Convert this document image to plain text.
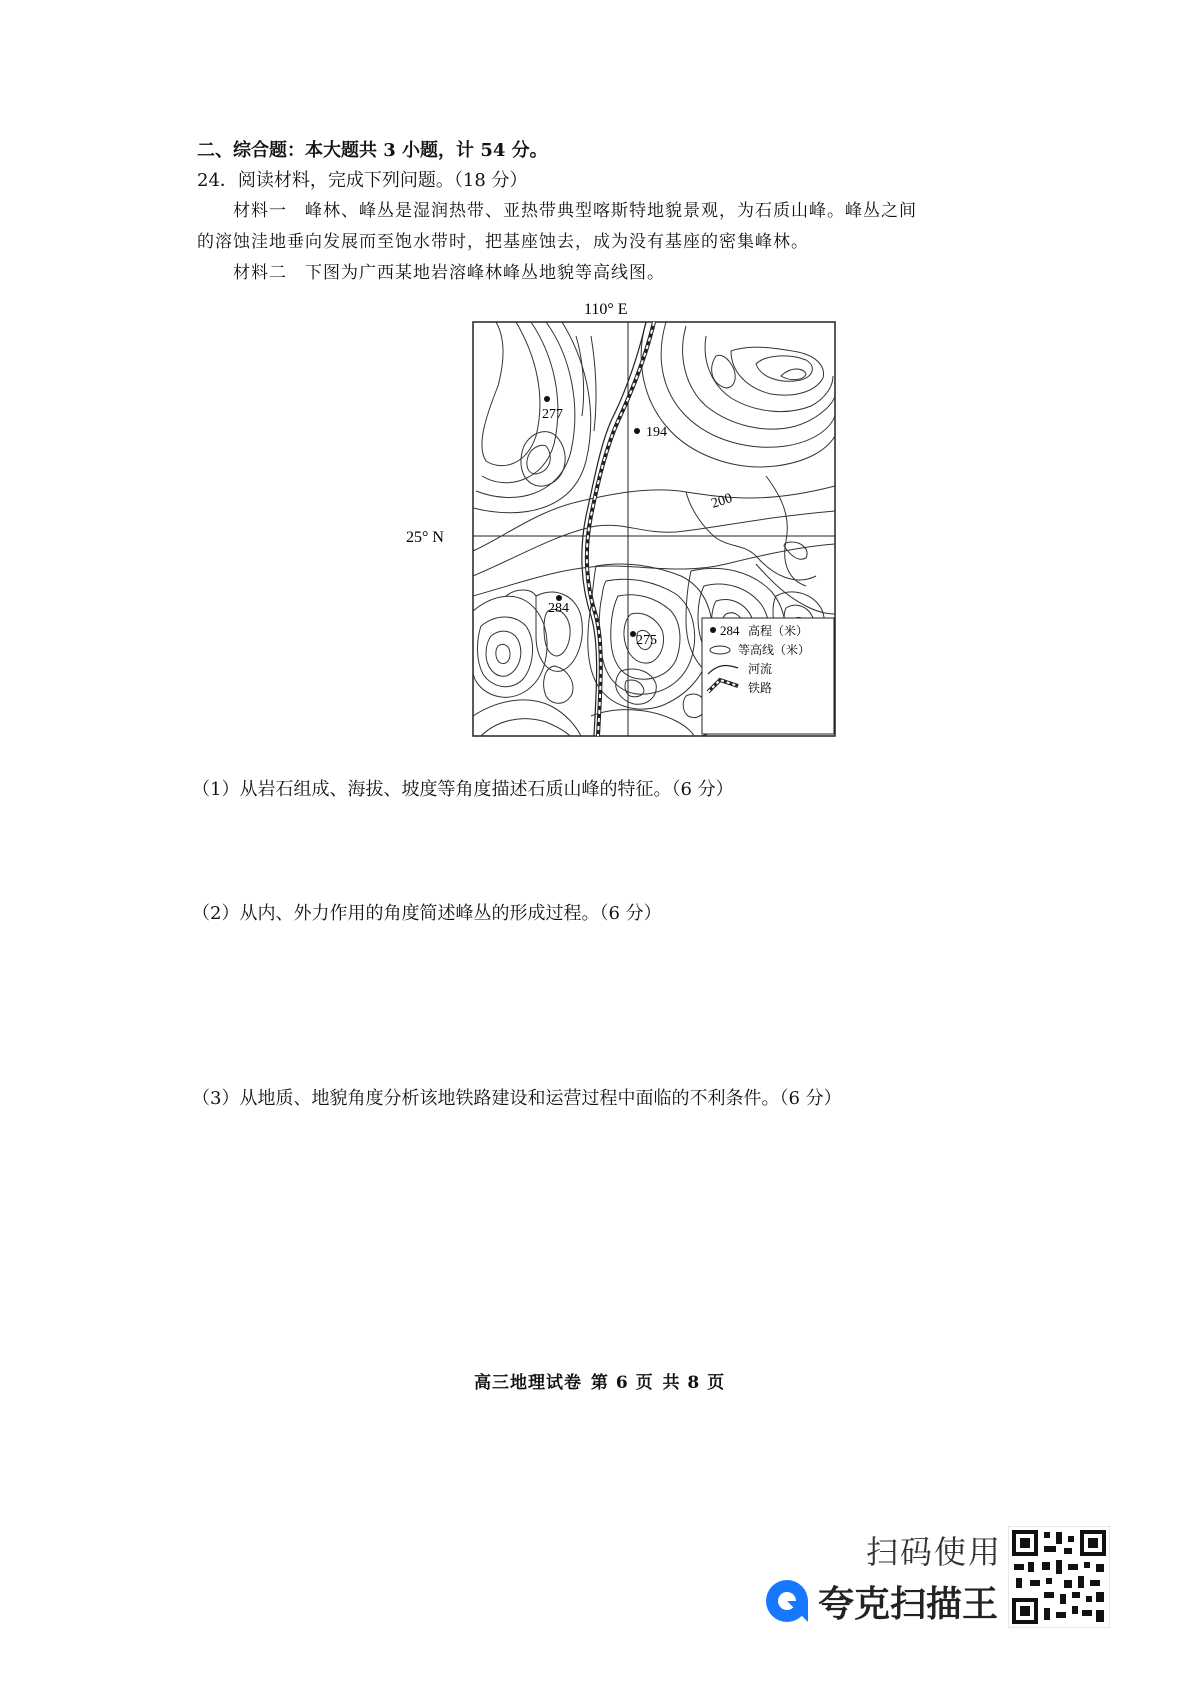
二、综合题：本大题共 3 小题，计 54 分。
24．阅读材料，完成下列问题。（18 分）
材料一　峰林、峰丛是湿润热带、亚热带典型喀斯特地貌景观，为石质山峰。峰丛之间
的溶蚀洼地垂向发展而至饱水带时，把基座蚀去，成为没有基座的密集峰林。
材料二　下图为广西某地岩溶峰林峰丛地貌等高线图。
110° E
25° N
200
277
194
284
275
284 高程（米）
等高线（米）
河流
铁路
（1）从岩石组成、海拔、坡度等角度描述石质山峰的特征。（6 分）
（2）从内、外力作用的角度简述峰丛的形成过程。（6 分）
（3）从地质、地貌角度分析该地铁路建设和运营过程中面临的不利条件。（6 分）
高三地理试卷 第 6 页 共 8 页
扫码使用
夸克扫描王
